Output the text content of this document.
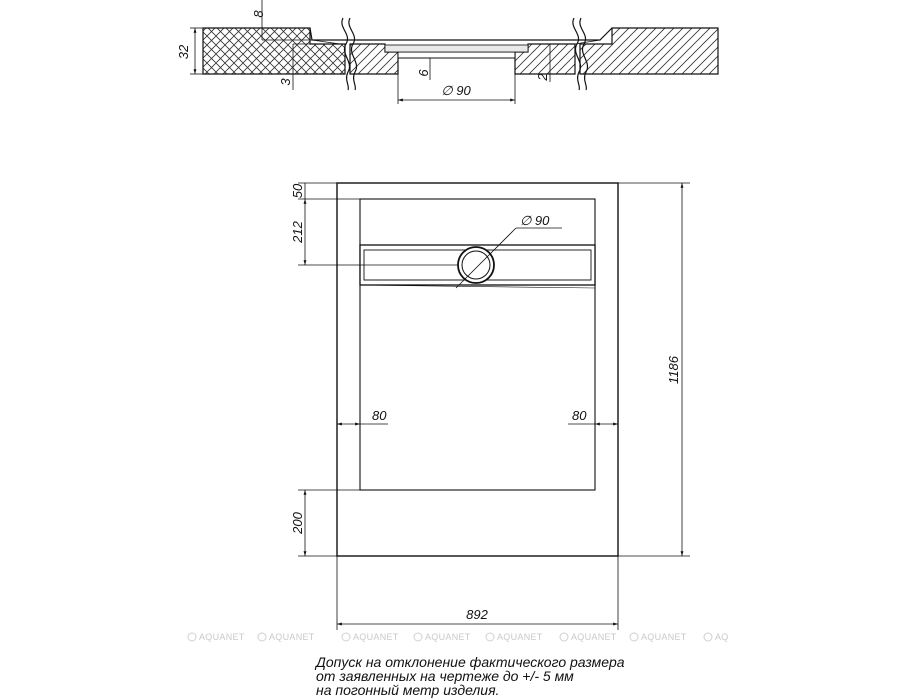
32
8
3
6
2
∅ 90
∅ 90
50
212
80	80
200
1186
892
AQUANET	AQUANET	AQUANET	AQUANET	AQUANET	AQUANET	AQUANET	AQ
Допуск на отклонение фактического размера
от заявленных на чертеже до +/- 5 мм
на погонный метр изделия.
